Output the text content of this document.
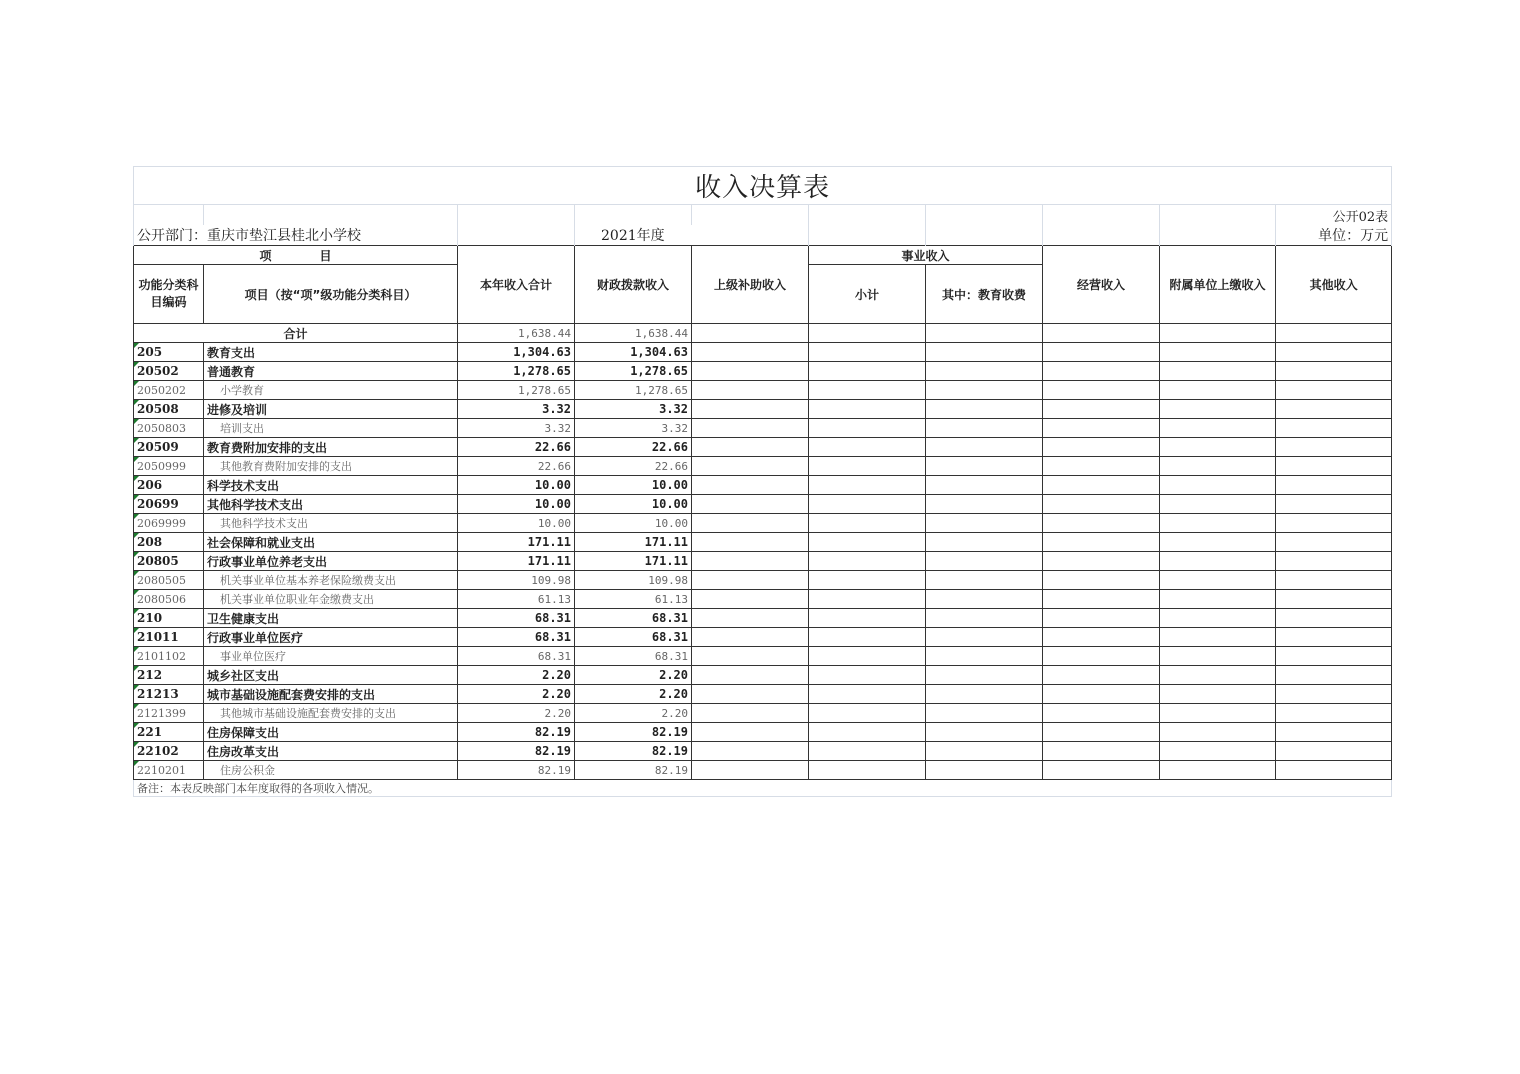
收入决算表									
									公开02表
公开部门：重庆市垫江县桂北小学校			2021年度						单位：万元
项　　　　目		本年收入合计	财政拨款收入	上级补助收入	事业收入		经营收入	附属单位上缴收入	其他收入
功能分类科目编码	项目（按“项”级功能分类科目）								
					小计	其中：教育收费			
合计		1,638.44	1,638.44						

205	教育支出	1,304.63	1,304.63						

20502	普通教育	1,278.65	1,278.65						

2050202	小学教育	1,278.65	1,278.65						

20508	进修及培训	3.32	3.32						

2050803	培训支出	3.32	3.32						

20509	教育费附加安排的支出	22.66	22.66						

2050999	其他教育费附加安排的支出	22.66	22.66						

206	科学技术支出	10.00	10.00						

20699	其他科学技术支出	10.00	10.00						

2069999	其他科学技术支出	10.00	10.00						

208	社会保障和就业支出	171.11	171.11						

20805	行政事业单位养老支出	171.11	171.11						

2080505	机关事业单位基本养老保险缴费支出	109.98	109.98						

2080506	机关事业单位职业年金缴费支出	61.13	61.13						

210	卫生健康支出	68.31	68.31						

21011	行政事业单位医疗	68.31	68.31						

2101102	事业单位医疗	68.31	68.31						

212	城乡社区支出	2.20	2.20						

21213	城市基础设施配套费安排的支出	2.20	2.20						

2121399	其他城市基础设施配套费安排的支出	2.20	2.20						

221	住房保障支出	82.19	82.19						

22102	住房改革支出	82.19	82.19						

2210201	住房公积金	82.19	82.19						
备注：本表反映部门本年度取得的各项收入情况。									
